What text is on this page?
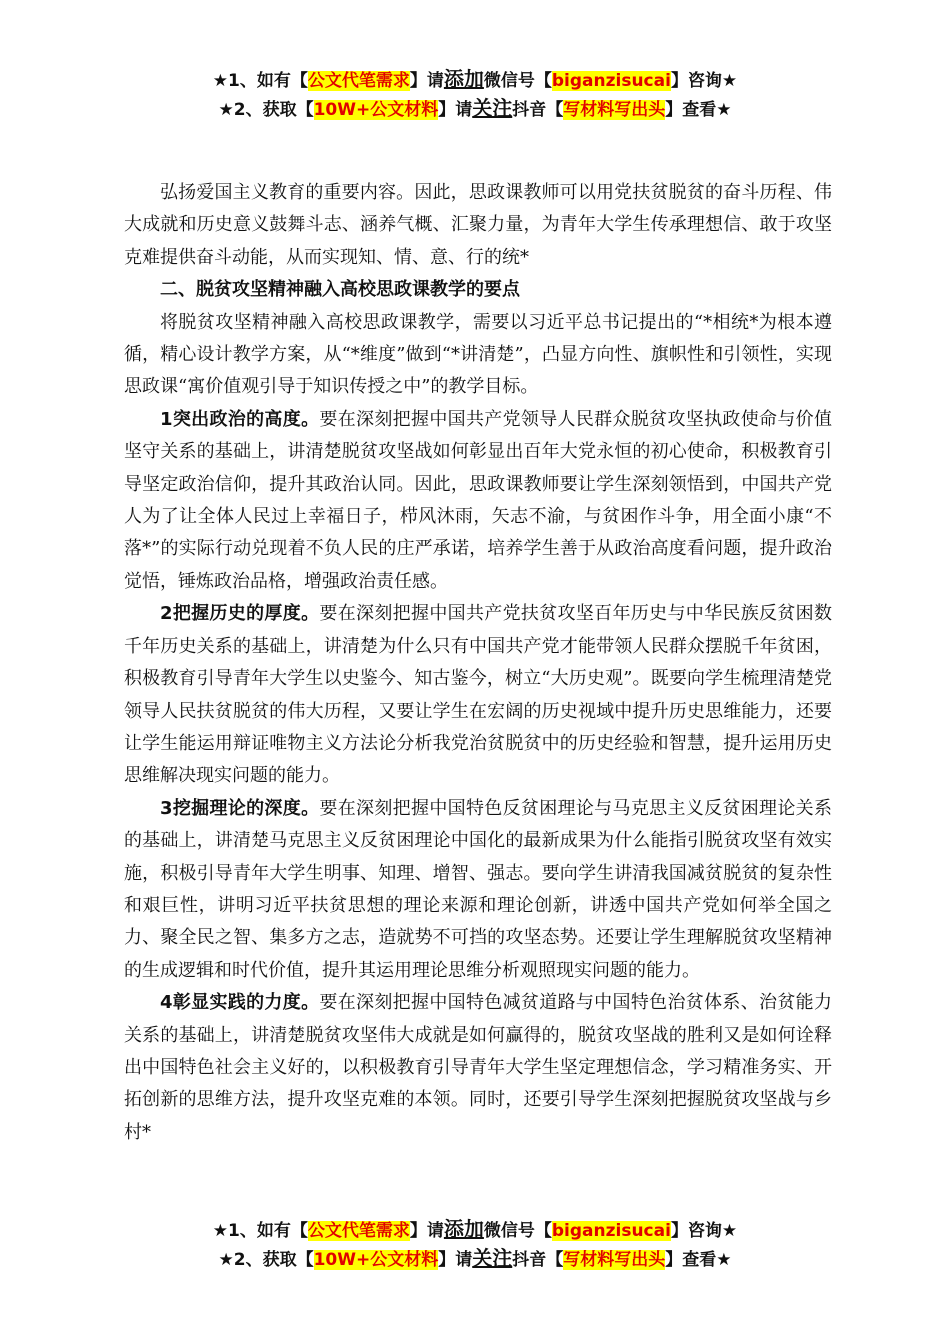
★1、如有【公文代笔需求】请添加微信号【biganzisucai】咨询★
★2、获取【10W+公文材料】请关注抖音【写材料写出头】查看★

弘扬爱国主义教育的重要内容。因此，思政课教师可以用党扶贫脱贫的奋斗历程、伟大成就和历史意义鼓舞斗志、涵养气概、汇聚力量，为青年大学生传承理想信、敢于攻坚克难提供奋斗动能，从而实现知、情、意、行的统*

二、脱贫攻坚精神融入高校思政课教学的要点

将脱贫攻坚精神融入高校思政课教学，需要以习近平总书记提出的“*相统*为根本遵循，精心设计教学方案，从“*维度”做到“*讲清楚”，凸显方向性、旗帜性和引领性，实现思政课“寓价值观引导于知识传授之中”的教学目标。

1突出政治的高度。要在深刻把握中国共产党领导人民群众脱贫攻坚执政使命与价值坚守关系的基础上，讲清楚脱贫攻坚战如何彰显出百年大党永恒的初心使命，积极教育引导坚定政治信仰，提升其政治认同。因此，思政课教师要让学生深刻领悟到，中国共产党人为了让全体人民过上幸福日子，栉风沐雨，矢志不渝，与贫困作斗争，用全面小康“不落*”的实际行动兑现着不负人民的庄严承诺，培养学生善于从政治高度看问题，提升政治觉悟，锤炼政治品格，增强政治责任感。

2把握历史的厚度。要在深刻把握中国共产党扶贫攻坚百年历史与中华民族反贫困数千年历史关系的基础上，讲清楚为什么只有中国共产党才能带领人民群众摆脱千年贫困，积极教育引导青年大学生以史鉴今、知古鉴今，树立“大历史观”。既要向学生梳理清楚党领导人民扶贫脱贫的伟大历程，又要让学生在宏阔的历史视域中提升历史思维能力，还要让学生能运用辩证唯物主义方法论分析我党治贫脱贫中的历史经验和智慧，提升运用历史思维解决现实问题的能力。

3挖掘理论的深度。要在深刻把握中国特色反贫困理论与马克思主义反贫困理论关系的基础上，讲清楚马克思主义反贫困理论中国化的最新成果为什么能指引脱贫攻坚有效实施，积极引导青年大学生明事、知理、增智、强志。要向学生讲清我国减贫脱贫的复杂性和艰巨性，讲明习近平扶贫思想的理论来源和理论创新，讲透中国共产党如何举全国之力、聚全民之智、集多方之志，造就势不可挡的攻坚态势。还要让学生理解脱贫攻坚精神的生成逻辑和时代价值，提升其运用理论思维分析观照现实问题的能力。

4彰显实践的力度。要在深刻把握中国特色减贫道路与中国特色治贫体系、治贫能力关系的基础上，讲清楚脱贫攻坚伟大成就是如何赢得的，脱贫攻坚战的胜利又是如何诠释出中国特色社会主义好的，以积极教育引导青年大学生坚定理想信念，学习精准务实、开拓创新的思维方法，提升攻坚克难的本领。同时，还要引导学生深刻把握脱贫攻坚战与乡村*

★1、如有【公文代笔需求】请添加微信号【biganzisucai】咨询★
★2、获取【10W+公文材料】请关注抖音【写材料写出头】查看★
